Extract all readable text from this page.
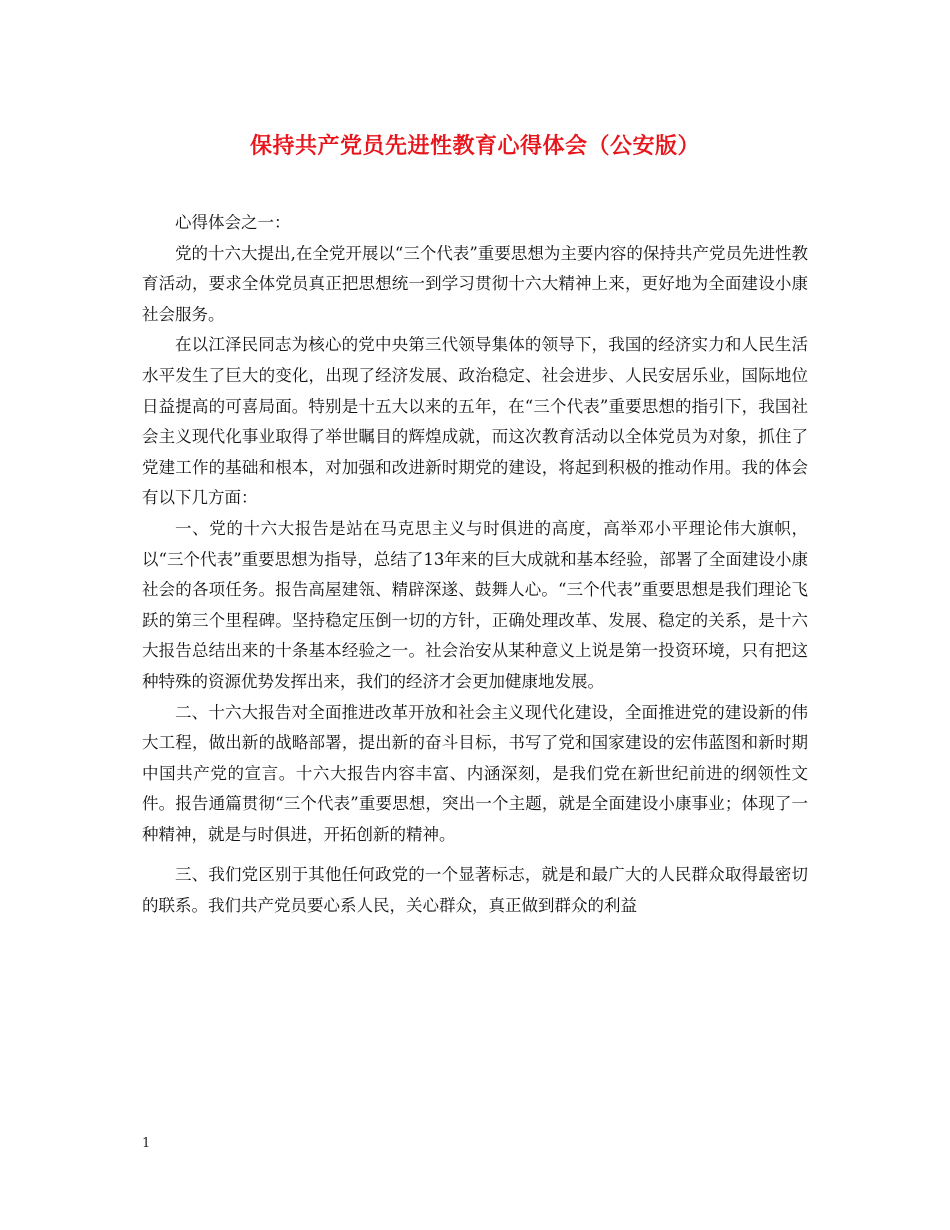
保持共产党员先进性教育心得体会（公安版）

心得体会之一：

党的十六大提出,在全党开展以“三个代表”重要思想为主要内容的保持共产党员先进性教育活动，要求全体党员真正把思想统一到学习贯彻十六大精神上来，更好地为全面建设小康社会服务。

在以江泽民同志为核心的党中央第三代领导集体的领导下，我国的经济实力和人民生活水平发生了巨大的变化，出现了经济发展、政治稳定、社会进步、人民安居乐业，国际地位日益提高的可喜局面。特别是十五大以来的五年，在“三个代表”重要思想的指引下，我国社会主义现代化事业取得了举世瞩目的辉煌成就，而这次教育活动以全体党员为对象，抓住了党建工作的基础和根本，对加强和改进新时期党的建设，将起到积极的推动作用。我的体会有以下几方面：

一、党的十六大报告是站在马克思主义与时俱进的高度，高举邓小平理论伟大旗帜，以“三个代表”重要思想为指导，总结了13年来的巨大成就和基本经验，部署了全面建设小康社会的各项任务。报告高屋建瓴、精辟深遂、鼓舞人心。“三个代表”重要思想是我们理论飞跃的第三个里程碑。坚持稳定压倒一切的方针，正确处理改革、发展、稳定的关系，是十六大报告总结出来的十条基本经验之一。社会治安从某种意义上说是第一投资环境，只有把这种特殊的资源优势发挥出来，我们的经济才会更加健康地发展。

二、十六大报告对全面推进改革开放和社会主义现代化建设，全面推进党的建设新的伟大工程，做出新的战略部署，提出新的奋斗目标，书写了党和国家建设的宏伟蓝图和新时期中国共产党的宣言。十六大报告内容丰富、内涵深刻，是我们党在新世纪前进的纲领性文件。报告通篇贯彻“三个代表”重要思想，突出一个主题，就是全面建设小康事业；体现了一种精神，就是与时俱进，开拓创新的精神。

三、我们党区别于其他任何政党的一个显著标志，就是和最广大的人民群众取得最密切的联系。我们共产党员要心系人民，关心群众，真正做到群众的利益

1
